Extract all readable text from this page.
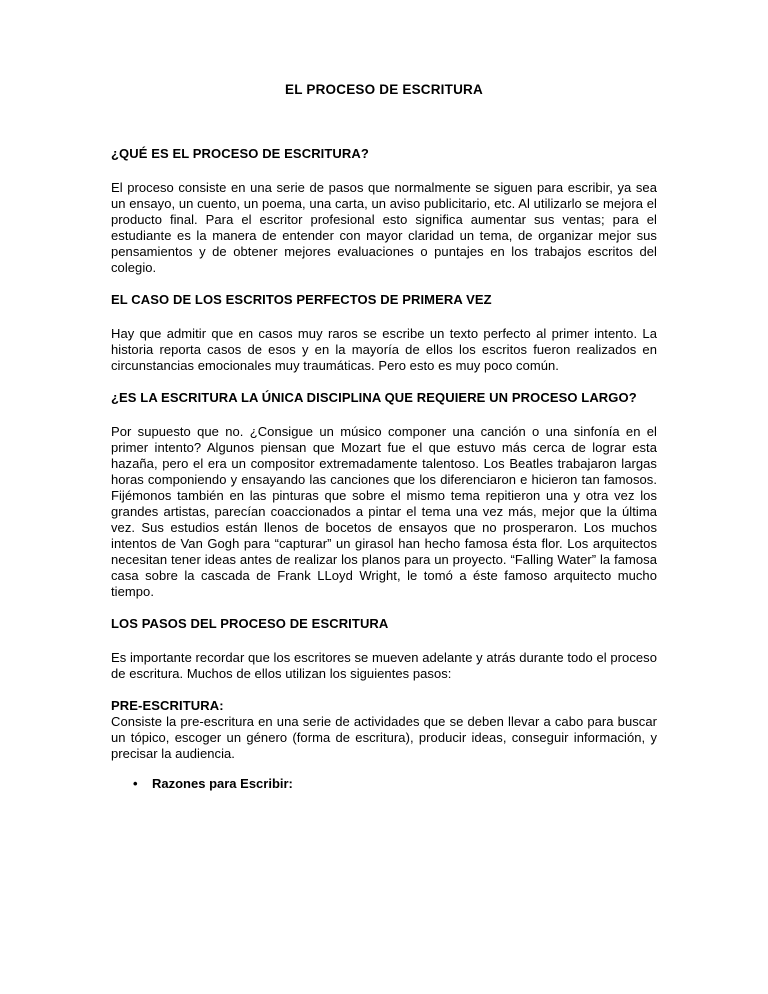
EL PROCESO DE ESCRITURA
¿QUÉ ES EL PROCESO DE ESCRITURA?

El proceso consiste en una serie de pasos que normalmente se siguen para escribir, ya sea un ensayo, un cuento, un poema, una carta, un aviso publicitario, etc. Al utilizarlo se mejora el producto final. Para el escritor profesional esto significa aumentar sus ventas; para el estudiante es la manera de entender con mayor claridad un tema, de organizar mejor sus pensamientos y de obtener mejores evaluaciones o puntajes en los trabajos escritos del colegio.

EL CASO DE LOS ESCRITOS PERFECTOS DE PRIMERA VEZ

Hay que admitir que en casos muy raros se escribe un texto perfecto al primer intento. La historia reporta casos de esos y en la mayoría de ellos los escritos fueron realizados en circunstancias emocionales muy traumáticas. Pero esto es muy poco común.

¿ES LA ESCRITURA LA ÚNICA DISCIPLINA QUE REQUIERE UN PROCESO LARGO?

Por supuesto que no. ¿Consigue un músico componer una canción o una sinfonía en el primer intento? Algunos piensan que Mozart fue el que estuvo más cerca de lograr esta hazaña, pero el era un compositor extremadamente talentoso. Los Beatles trabajaron largas horas componiendo y ensayando las canciones que los diferenciaron e hicieron tan famosos. Fijémonos también en las pinturas que sobre el mismo tema repitieron una y otra vez los grandes artistas, parecían coaccionados a pintar el tema una vez más, mejor que la última vez. Sus estudios están llenos de bocetos de ensayos que no prosperaron. Los muchos intentos de Van Gogh para “capturar” un girasol han hecho famosa ésta flor. Los arquitectos necesitan tener ideas antes de realizar los planos para un proyecto. “Falling Water” la famosa casa sobre la cascada de Frank LLoyd Wright, le tomó a éste famoso arquitecto mucho tiempo.

LOS PASOS DEL PROCESO DE ESCRITURA

Es importante recordar que los escritores se mueven adelante y atrás durante todo el proceso de escritura. Muchos de ellos utilizan los siguientes pasos:

PRE-ESCRITURA:

Consiste la pre-escritura en una serie de actividades que se deben llevar a cabo para buscar un tópico, escoger un género (forma de escritura), producir ideas, conseguir información, y precisar la audiencia.

• Razones para Escribir:
